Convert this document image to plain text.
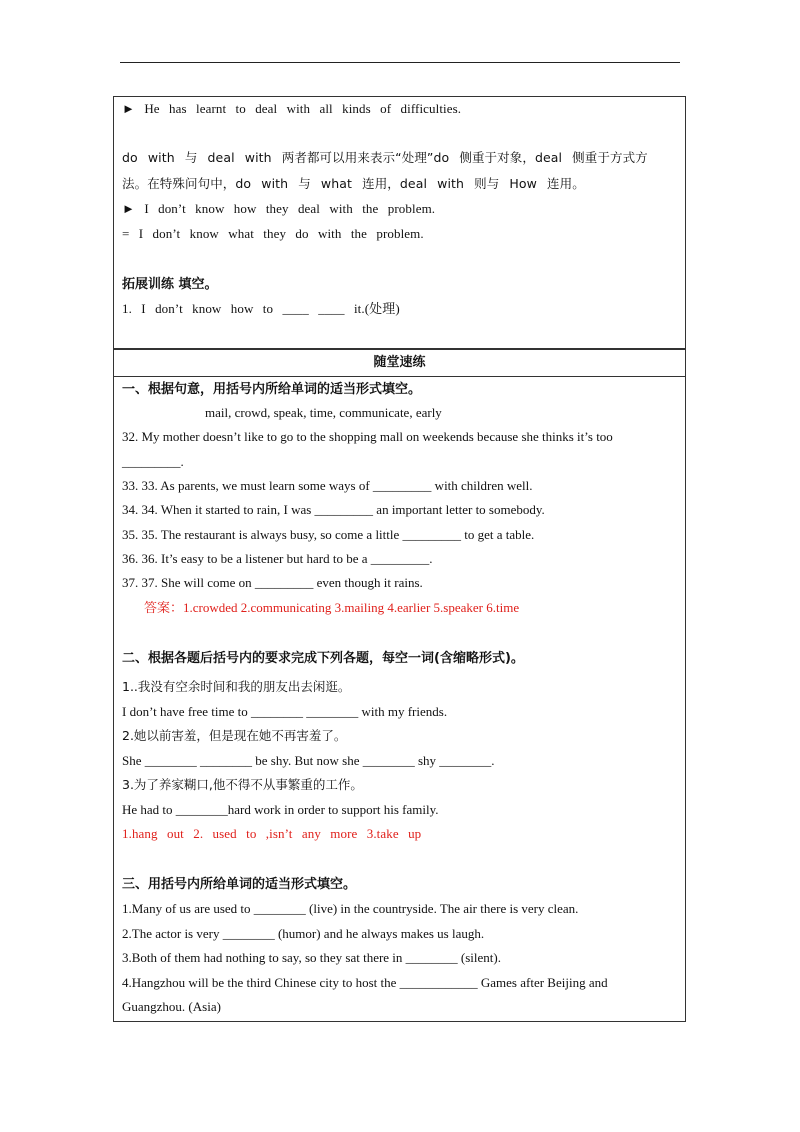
► He has learnt to deal with all kinds of difficulties.
do with 与 deal with 两者都可以用来表示“处理”do 侧重于对象，deal 侧重于方式方
法。在特殊问句中，do with 与 what 连用，deal with 则与 How 连用。
► I don’t know how they deal with the problem.
= I don’t know what they do with the problem.
拓展训练 填空。
1. I don’t know how to ____ ____ it.(处理)
随堂速练
一、根据句意，用括号内所给单词的适当形式填空。
mail, crowd, speak, time, communicate, early
32. My mother doesn’t like to go to the shopping mall on weekends because she thinks it’s too
_________.
33. 33. As parents, we must learn some ways of _________ with children well.
34. 34. When it started to rain, I was _________ an important letter to somebody.
35. 35. The restaurant is always busy, so come a little _________ to get a table.
36. 36. It’s easy to be a listener but hard to be a _________.
37. 37. She will come on _________ even though it rains.
答案：1.crowded 2.communicating 3.mailing 4.earlier 5.speaker 6.time
二、根据各题后括号内的要求完成下列各题，每空一词(含缩略形式)。
1..我没有空余时间和我的朋友出去闲逛。
I don’t have free time to ________ ________ with my friends.
2.她以前害羞，但是现在她不再害羞了。
She ________ ________ be shy. But now she ________ shy ________.
3.为了养家糊口,他不得不从事繁重的工作。
He had to ________hard work in order to support his family.
1.hang out 2. used to ,isn’t any more 3.take up
三、用括号内所给单词的适当形式填空。
1.Many of us are used to ________ (live) in the countryside. The air there is very clean.
2.The actor is very ________ (humor) and he always makes us laugh.
3.Both of them had nothing to say, so they sat there in ________ (silent).
4.Hangzhou will be the third Chinese city to host the ____________ Games after Beijing and
Guangzhou. (Asia)
